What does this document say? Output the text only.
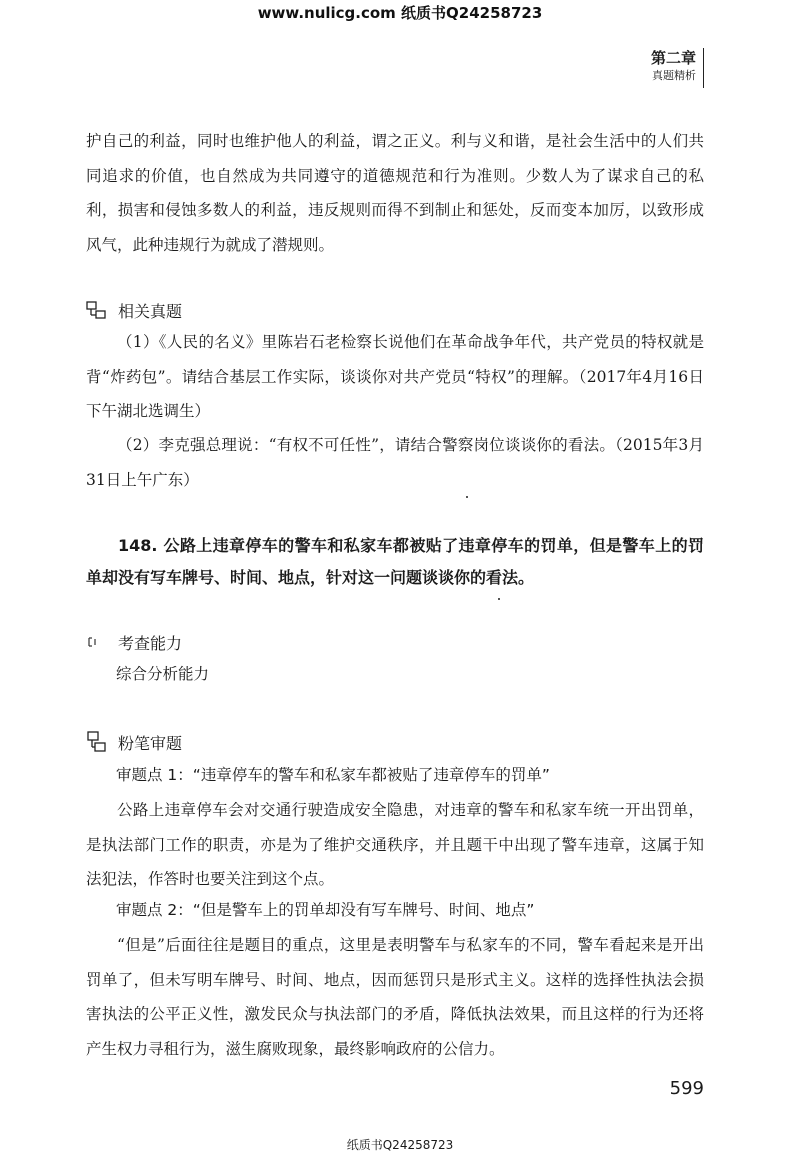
www.nulicg.com 纸质书Q24258723
第二章
真题精析
护自己的利益，同时也维护他人的利益，谓之正义。利与义和谐，是社会生活中的人们共同追求的价值，也自然成为共同遵守的道德规范和行为准则。少数人为了谋求自己的私利，损害和侵蚀多数人的利益，违反规则而得不到制止和惩处，反而变本加厉，以致形成风气，此种违规行为就成了潜规则。
相关真题
（1）《人民的名义》里陈岩石老检察长说他们在革命战争年代，共产党员的特权就是背“炸药包”。请结合基层工作实际，谈谈你对共产党员“特权”的理解。（2017年4月16日下午湖北选调生）
（2）李克强总理说：“有权不可任性”，请结合警察岗位谈谈你的看法。（2015年3月31日上午广东）
148. 公路上违章停车的警车和私家车都被贴了违章停车的罚单，但是警车上的罚单却没有写车牌号、时间、地点，针对这一问题谈谈你的看法。
考查能力
综合分析能力
粉笔审题
审题点 1：“违章停车的警车和私家车都被贴了违章停车的罚单”
公路上违章停车会对交通行驶造成安全隐患，对违章的警车和私家车统一开出罚单，是执法部门工作的职责，亦是为了维护交通秩序，并且题干中出现了警车违章，这属于知法犯法，作答时也要关注到这个点。
审题点 2：“但是警车上的罚单却没有写车牌号、时间、地点”
“但是”后面往往是题目的重点，这里是表明警车与私家车的不同，警车看起来是开出罚单了，但未写明车牌号、时间、地点，因而惩罚只是形式主义。这样的选择性执法会损害执法的公平正义性，激发民众与执法部门的矛盾，降低执法效果，而且这样的行为还将产生权力寻租行为，滋生腐败现象，最终影响政府的公信力。
599
纸质书Q24258723
